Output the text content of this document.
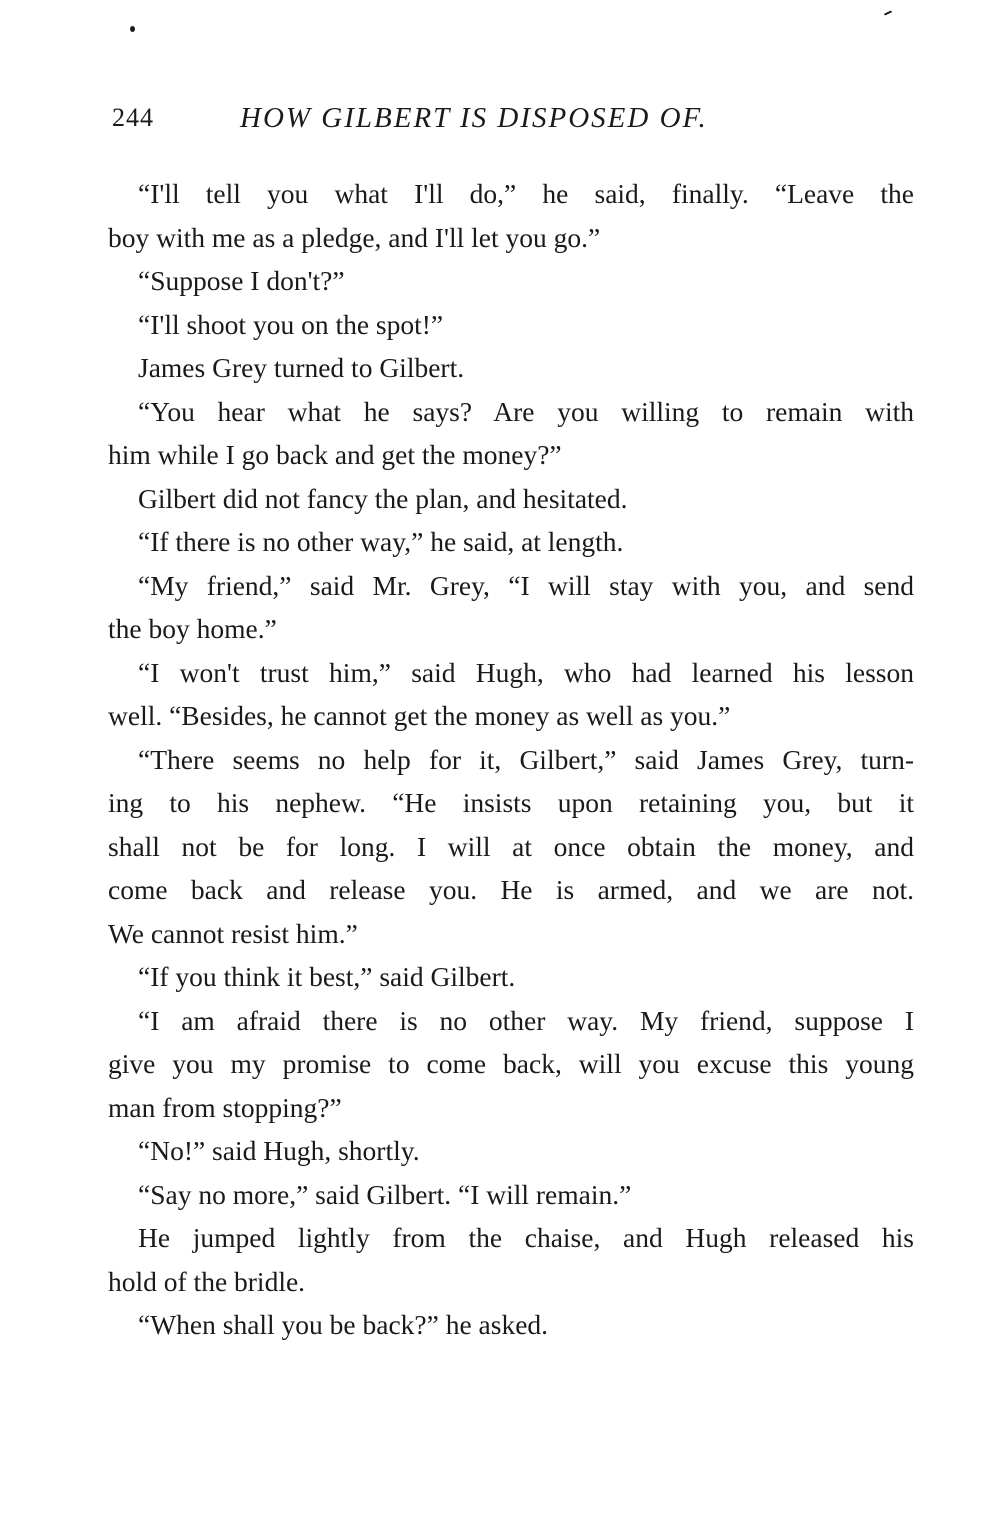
244	HOW GILBERT IS DISPOSED OF.
“I'll tell you what I'll do,” he said, finally. “Leave the
boy with me as a pledge, and I'll let you go.”
“Suppose I don't?”
“I'll shoot you on the spot!”
James Grey turned to Gilbert.
“You hear what he says? Are you willing to remain with
him while I go back and get the money?”
Gilbert did not fancy the plan, and hesitated.
“If there is no other way,” he said, at length.
“My friend,” said Mr. Grey, “I will stay with you, and send
the boy home.”
“I won't trust him,” said Hugh, who had learned his lesson
well. “Besides, he cannot get the money as well as you.”
“There seems no help for it, Gilbert,” said James Grey, turn-
ing to his nephew. “He insists upon retaining you, but it
shall not be for long. I will at once obtain the money, and
come back and release you. He is armed, and we are not.
We cannot resist him.”
“If you think it best,” said Gilbert.
“I am afraid there is no other way. My friend, suppose I
give you my promise to come back, will you excuse this young
man from stopping?”
“No!” said Hugh, shortly.
“Say no more,” said Gilbert. “I will remain.”
He jumped lightly from the chaise, and Hugh released his
hold of the bridle.
“When shall you be back?” he asked.
